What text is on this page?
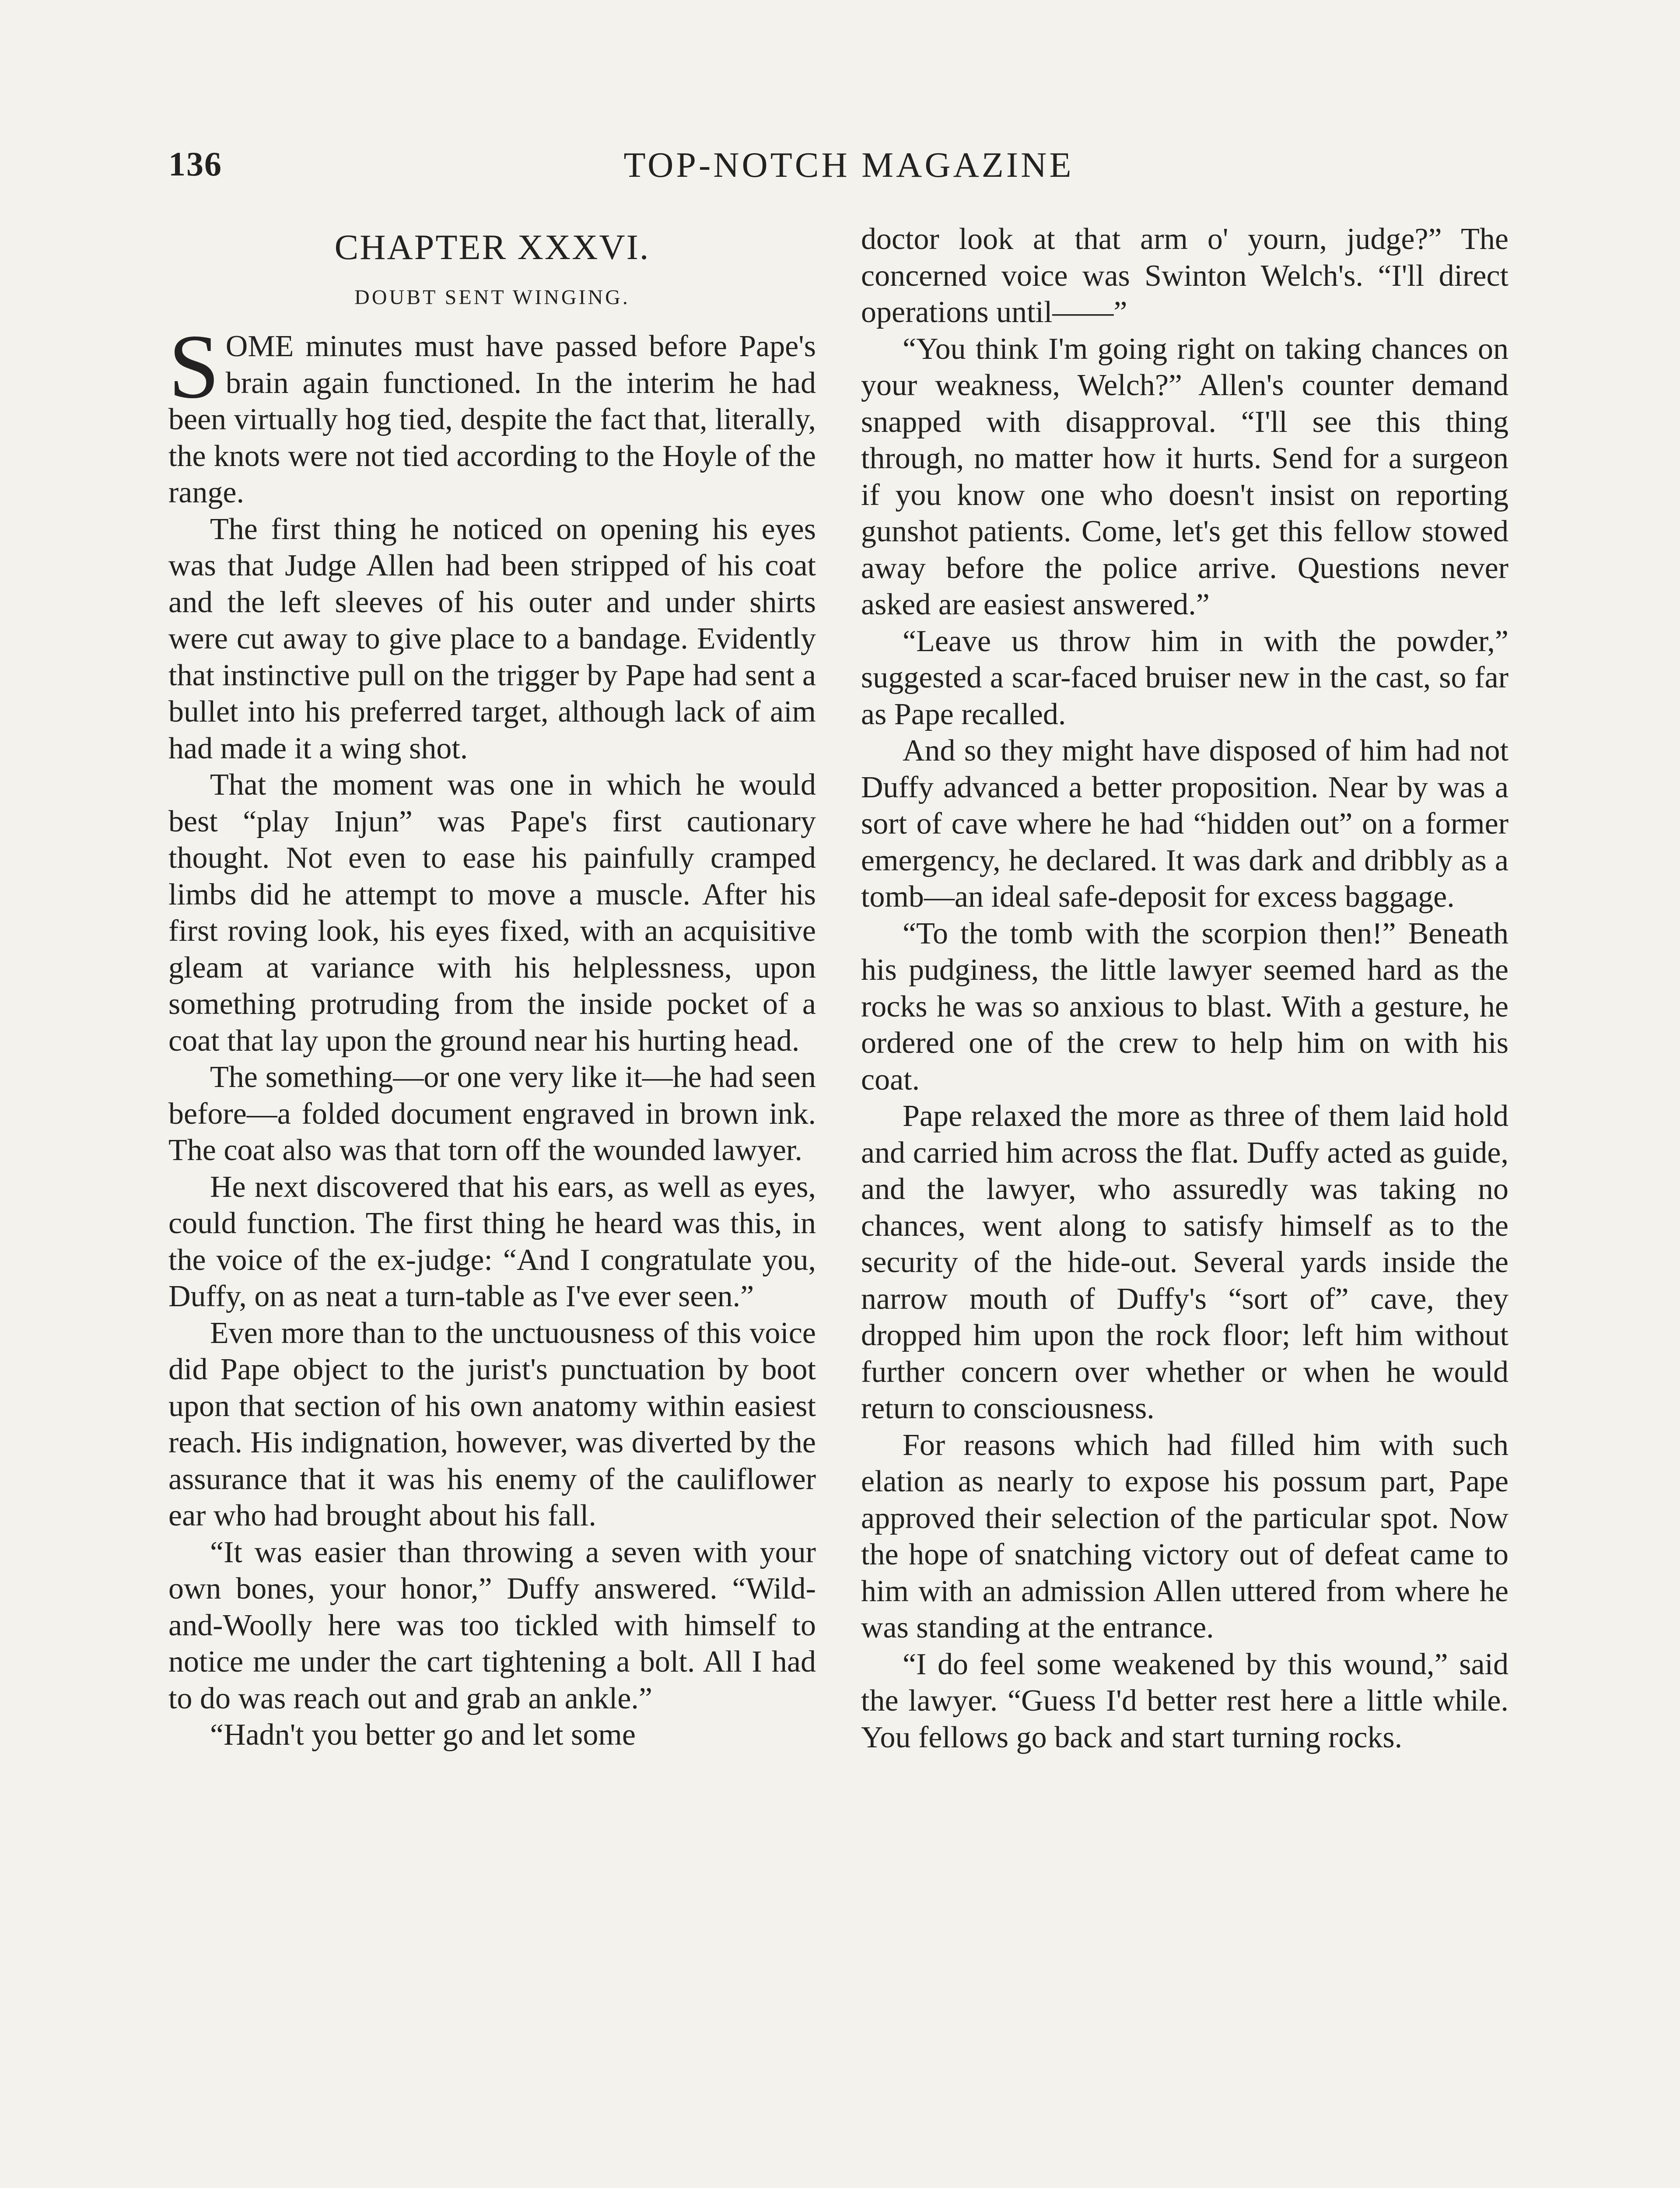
136	TOP-NOTCH MAGAZINE
CHAPTER XXXVI.
DOUBT SENT WINGING.

SOME minutes must have passed before Pape's brain again functioned. In the interim he had been virtually hog tied, despite the fact that, literally, the knots were not tied according to the Hoyle of the range.

The first thing he noticed on opening his eyes was that Judge Allen had been stripped of his coat and the left sleeves of his outer and under shirts were cut away to give place to a bandage. Evidently that instinctive pull on the trigger by Pape had sent a bullet into his preferred target, although lack of aim had made it a wing shot.

That the moment was one in which he would best “play Injun” was Pape's first cautionary thought. Not even to ease his painfully cramped limbs did he attempt to move a muscle. After his first roving look, his eyes fixed, with an acquisitive gleam at variance with his helplessness, upon something protruding from the inside pocket of a coat that lay upon the ground near his hurting head.

The something—or one very like it—he had seen before—a folded document engraved in brown ink. The coat also was that torn off the wounded lawyer.

He next discovered that his ears, as well as eyes, could function. The first thing he heard was this, in the voice of the ex-judge: “And I congratulate you, Duffy, on as neat a turn-table as I've ever seen.”

Even more than to the unctuousness of this voice did Pape object to the jurist's punctuation by boot upon that section of his own anatomy within easiest reach. His indignation, however, was diverted by the assurance that it was his enemy of the cauliflower ear who had brought about his fall.

“It was easier than throwing a seven with your own bones, your honor,” Duffy answered. “Wild-and-Woolly here was too tickled with himself to notice me under the cart tightening a bolt. All I had to do was reach out and grab an ankle.”

“Hadn't you better go and let some

doctor look at that arm o' yourn, judge?” The concerned voice was Swinton Welch's. “I'll direct operations until——”

“You think I'm going right on taking chances on your weakness, Welch?” Allen's counter demand snapped with disapproval. “I'll see this thing through, no matter how it hurts. Send for a surgeon if you know one who doesn't insist on reporting gunshot patients. Come, let's get this fellow stowed away before the police arrive. Questions never asked are easiest answered.”

“Leave us throw him in with the powder,” suggested a scar-faced bruiser new in the cast, so far as Pape recalled.

And so they might have disposed of him had not Duffy advanced a better proposition. Near by was a sort of cave where he had “hidden out” on a former emergency, he declared. It was dark and dribbly as a tomb—an ideal safe-deposit for excess baggage.

“To the tomb with the scorpion then!” Beneath his pudginess, the little lawyer seemed hard as the rocks he was so anxious to blast. With a gesture, he ordered one of the crew to help him on with his coat.

Pape relaxed the more as three of them laid hold and carried him across the flat. Duffy acted as guide, and the lawyer, who assuredly was taking no chances, went along to satisfy himself as to the security of the hide-out. Several yards inside the narrow mouth of Duffy's “sort of” cave, they dropped him upon the rock floor; left him without further concern over whether or when he would return to consciousness.

For reasons which had filled him with such elation as nearly to expose his possum part, Pape approved their selection of the particular spot. Now the hope of snatching victory out of defeat came to him with an admission Allen uttered from where he was standing at the entrance.

“I do feel some weakened by this wound,” said the lawyer. “Guess I'd better rest here a little while. You fellows go back and start turning rocks.
